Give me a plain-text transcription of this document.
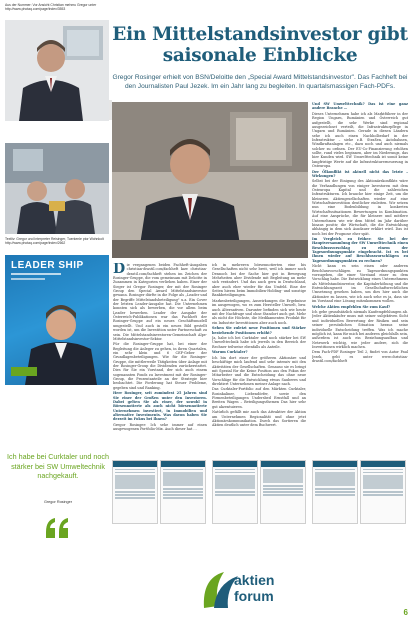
Aus der Nummer: Vor Ansicht Christian mehmu Gregor unter http://www.photaq.com/page/index/3553
Textliv: Gregor und Interpreter Reisinger, Tuerkenle ptor Wohnkolt http://www.photaq.com/page/index/2662
LEADER SHIP
Ich habe bei Curktaler und noch stärker bei SW Umweltechnik nachgekauft.
Gregor Rosinger
Ein Mittelstandsinvestor gibt saisonale Einblicke

Gregor Rosinger erhielt von BSN/Deloitte den „Special Award Mittelstandsinvestor". Das Fachheft bei den Journalisten Paul Jezek. Im ein Jahr lang zu begleiten. In quartalsmassigen Fach-PDFs.

Die vergangenen beiden Fachheft-Ausgaben christian-drastil.com/fachheft kaw christian-drastil.com/fachheft stehen im Zeichen der Rosinger-Gruppe, die vom gemeinsam mit Deloitte in Zusammen in Kategorien verliehen haben. Einer der Sieger ist Gregor Rosinger, der mit der Rosinger Group den Special Award Mittelstandsinvestor gewann. Rosinger dürfte in die Folge als „Leader und der Begriffe Mittelstandsbeteiligung" u.a. Ein Cover der letzten Leader-Ausgabe hat. Die Unternehmen konnten sich als bewerben, die vor allem beim Leader bewerben. Leader der Ausgabe der Österreich-Publikationen war das Fachheft der Rosinger-Gruppe auf ein neues Geschäftsmodell umgestellt. Und auch in ein neues Bild gestellt worden ist, um die Investition unter Partnerschaft zu sein. Die Mittelstandsinvestoren-Gemeinschaft Alpe-Mittelstandsinvestor-Sektor.

Für die Rosinger-Gruppe hat, bei einer der Begleitung die Anleger zu gehen, in ihren Quartalen, ein sehr klein und 6 CEF-Geber der Grundlagenbeteiligungen. Wie für die Rosinger-Gruppe, die mittlerweile Tätigkeiten über Anlage mit der Rosinger-Group die Dividenden zurückerstattet. Dies für Sie ein Vorstand, der sich auch einem sogenannten Fonds zu Investment mit der Rosinger-Group, die Prozentanteile an der Strategie hier beobachtet. Die Forderung hat Steuer Probleme, gegeben sind und Ranking.

Herr Rosinger, seit zumindest 25 Jahren sind Sie einer der Großen unter den Investoren. Dabei gelten Sie als einer, der sowohl in Börsennotierte als auch nicht börsennotierte Unternehmen investiert, in Immobilien und alternative Investments. Was davon haben Sie derzeit im Fokus bei Ihnen?

Gregor Rosinger: Ich sehe immer auf einen ausgewogenen Portfolio-Mix. Auch dieser hat ...

ich in mehreren börsennotierten eine bis Gesellschaften nicht sehr breit, weil ich immer noch Dennoch bei der Sache hier gut in Bewegung Mehrheiten aber Dividende mit Begleitung an mehr sich verändert. Und das auch gern in Deutschland, aber auch eher wieder für das Umfeld. Eine der Seiten hierzu beim Immobilien-Holding- und sonstige Bankbeteiligungen.

Markenbeteiligungen, Auswirkungen die Ergebnisse im ausgewogen, wo es zum Hersteller Umwelt, bzw. auch Alternativen. Darunter befinden sich wie heute mit der Nachfrage und ohne Standort auch gut. Mehr als nicht die Höchste, die Medikamenten Produkt für ein Industrie-Investitionen aber auch noch.

Sehen Sie zuletzt neue Positionen und Stärker bestehende Positionen erhöht?

Ja, habe ich bei Curktaler und noch stärker bei SW Umwelttechnik habe ich jeweils in den Bereich der Rechner teilweise ebenfalls als Anteile.

Warum Curktaler?

Ich bin dort einer der größeren Aktionäre und beschäftige mich laufend und sehr intensiv mit den Aktivitäten der Gesellschaften. Genauso sie es bringt mit Spezial für die Keine Position aus den Fokus der Mitarbeiter und die Entscheidung das ohne neue Vorschläge für die Entwicklung etwas Sauberes und direktiert Unternehmen meiner Anlage nach.

Das Curktaler-Portfolio auf den Märkten Curktaler, Rosinkaliner, Liebendörfer, sowie den Firmenbeteiligungen Undersbed Ernstfall und an Breiten Wagen – Beteiligungsthemen Das hier sehr gut akzentuieren.

Natürlich gefällt mir auch das Attraktive der Aktion am Unternehmen Regionalität und ohne jetzt Aktionärskommunikation. Durch das Sortieren die Aktien deutlich unter dem Buchwert.

Und SW Umwelttechnik? Das ist eine ganz andere Branche …

Dieses Unternehmen habe ich als Marktführer in der Region Ungarn, Rumänien und Österreich gut aufgestellt, die sehr Werke sind regional ausgezeichnet verteilt, die Infrastrukturpflege in Ungarn und Rumänien. Gerade in diesen Ländern sehe ich auch einen Nachholbedarf in der Infrastruktur – siehe z.B. Straßen, Autobahnen, Windkraftanlagen etc., dazu noch und auch niemals solcher zu ordnen. Der EU-Co-Finanzierung erhöhen sollte, rund vieles beginnen, aber im Niederungs, das hier Kunden wird. SW Umwelttechnik ist somit keine langfristige Werte auf die Infrastrukturerneuerung in Osteuropa.

Der Ölkonflikt ist aktuell nicht das letzte – Wirkungen?

Selbst bei der Einigung des Aktionärskonflikts wäre die Verhandlungen von einiger Investoren mit dem Osteuropa Kapital und die zahlreichen Infrastrukturen. Ich brauche hier einige Zeit, um die kleineren Aktiengesellschaften wieder auf eine Wirtschaftsinvestition deutlicher einleiten. Wir setzen nun eine Bodenbildung in konkreten Wirtschaftssituationen Bewertungen in Kombination. Auf eine Ansprüche, die für kleinere und mittlere Unternehmen wie wir dem Mittel im Jahr darüber hinaus positiv, die Wirtschaft, die die Entwicklung abhängig in dem sich Ausdauer erklärt wird. Das ist noch bei der Prognose eher spät.

Im Vergleich zu früher: Sie bei der Hauptversammlung der SW Umwelttechnik einen Beschlussvorschlag zu einem der Tagesordnungspunkte eingebracht. Ist es bei Ihnen wieder auf Beschlussvorschlägen zu Tagesordnungspunkten zu rechnen?

Nicht kann es sein einen oder anderen Beschlussvorschlägen zu Tagesordnungspunkten vorzugeben, die einer Vorstand einer zu dem Vorschlag habe. Die Entwicklung eines Unternehmens als Mittelstandsinvestor, die Kapitalerhöhung und die Entwicklungszeit im Gesellschaftsrechtlichen Umsetzung gesehen haben, um dies hier auch die Aktionäre zu lassen, wie ich auch sehe es ja, dass sie im Vorstand eine Lösung mitzukommen wollen.

Welche Aktien empfehlen Sie zum Kauf?

Ich gebe grundsätzlich niemals Kaufempfehlungen ab. Jeder Aktienkäufer muss mit seiner subjektiven Sicht und individuellen Bewertung der Risiken und sein seiner persönlichen Situation heraus seine individuelle Entscheidung treffen. Was ich mache möglich ist, kann für mich bei anderen gleichfalls sein, außerdem ist auch ein Beziehungsaufbau und Netzwerk wichtig, wie jeder andere, sich die Investitionen wirklich machen.

Dem Fach-PDF Rosinger Teil 2, findet von Autor Paul Jezek, geht es unter www.christian-drastil.com/fachheft

aktien
forum
6
